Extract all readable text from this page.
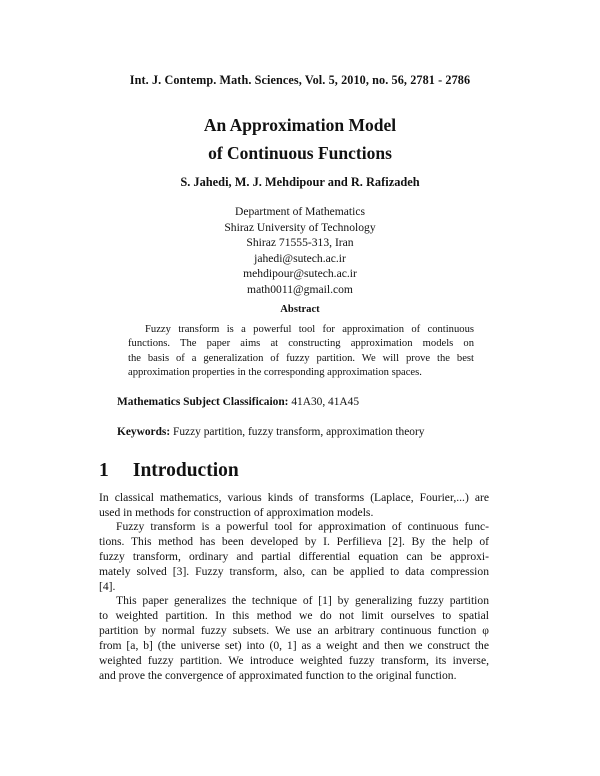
Int. J. Contemp. Math. Sciences, Vol. 5, 2010, no. 56, 2781 - 2786
An Approximation Model
of Continuous Functions
S. Jahedi, M. J. Mehdipour and R. Rafizadeh
Department of Mathematics
Shiraz University of Technology
Shiraz 71555-313, Iran
jahedi@sutech.ac.ir
mehdipour@sutech.ac.ir
math0011@gmail.com
Abstract
Fuzzy transform is a powerful tool for approximation of continuous
functions. The paper aims at constructing approximation models on
the basis of a generalization of fuzzy partition. We will prove the best
approximation properties in the corresponding approximation spaces.
Mathematics Subject Classificaion: 41A30, 41A45
Keywords: Fuzzy partition, fuzzy transform, approximation theory
1 Introduction
In classical mathematics, various kinds of transforms (Laplace, Fourier,...) are
used in methods for construction of approximation models.
Fuzzy transform is a powerful tool for approximation of continuous func-
tions. This method has been developed by I. Perfilieva [2]. By the help of
fuzzy transform, ordinary and partial differential equation can be approxi-
mately solved [3]. Fuzzy transform, also, can be applied to data compression
[4].
This paper generalizes the technique of [1] by generalizing fuzzy partition
to weighted partition. In this method we do not limit ourselves to spatial
partition by normal fuzzy subsets. We use an arbitrary continuous function φ
from [a, b] (the universe set) into (0, 1] as a weight and then we construct the
weighted fuzzy partition. We introduce weighted fuzzy transform, its inverse,
and prove the convergence of approximated function to the original function.
